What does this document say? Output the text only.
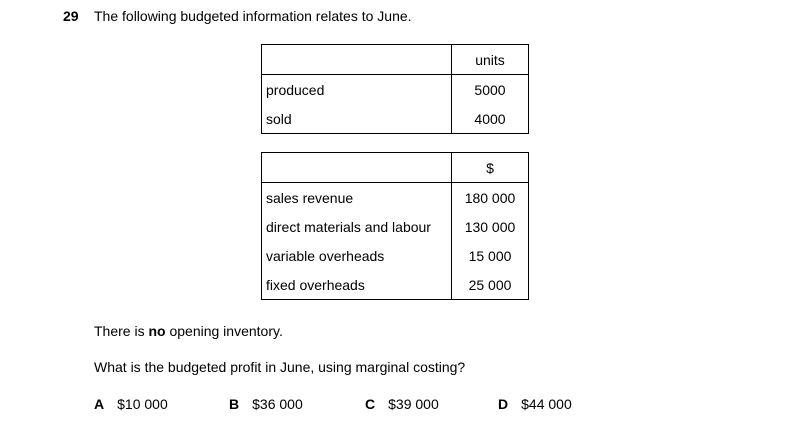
29 The following budgeted information relates to June.
	units
produced	5000
sold	4000
	$
sales revenue	180 000
direct materials and labour	130 000
variable overheads	15 000
fixed overheads	25 000
There is no opening inventory.
What is the budgeted profit in June, using marginal costing?
A $10 000	B $36 000	C $39 000	D $44 000
